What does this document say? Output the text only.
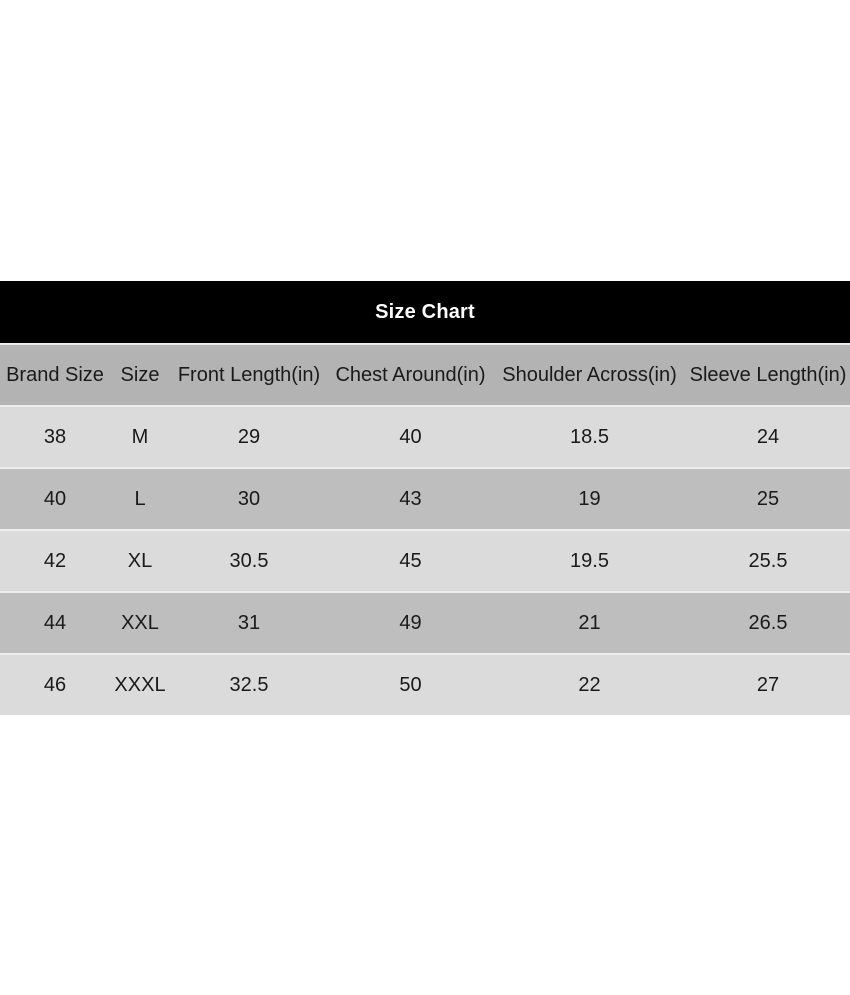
Size Chart
Brand Size	Size	Front Length(in)	Chest Around(in)	Shoulder Across(in)	Sleeve Length(in)
38	M	29	40	18.5	24
40	L	30	43	19	25
42	XL	30.5	45	19.5	25.5
44	XXL	31	49	21	26.5
46	XXXL	32.5	50	22	27
